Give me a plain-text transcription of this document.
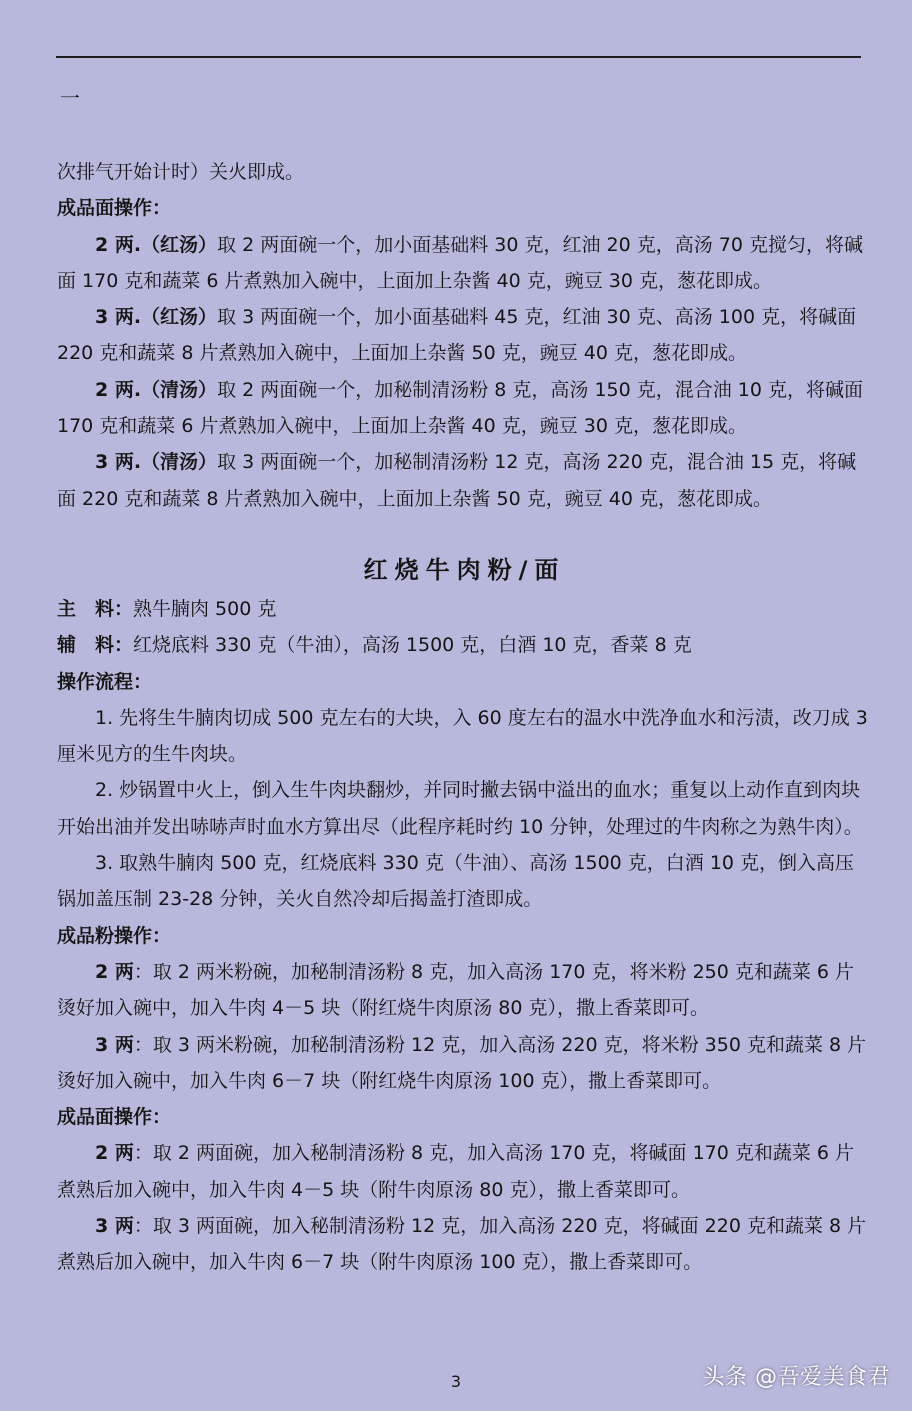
一

次排气开始计时）关火即成。

成品面操作：

2 两.（红汤）取 2 两面碗一个，加小面基础料 30 克，红油 20 克，高汤 70 克搅匀，将碱面 170 克和蔬菜 6 片煮熟加入碗中，上面加上杂酱 40 克，豌豆 30 克，葱花即成。

3 两.（红汤）取 3 两面碗一个，加小面基础料 45 克，红油 30 克、高汤 100 克，将碱面 220 克和蔬菜 8 片煮熟加入碗中，上面加上杂酱 50 克，豌豆 40 克，葱花即成。

2 两.（清汤）取 2 两面碗一个，加秘制清汤粉 8 克，高汤 150 克，混合油 10 克，将碱面 170 克和蔬菜 6 片煮熟加入碗中，上面加上杂酱 40 克，豌豆 30 克，葱花即成。

3 两.（清汤）取 3 两面碗一个，加秘制清汤粉 12 克，高汤 220 克，混合油 15 克，将碱面 220 克和蔬菜 8 片煮熟加入碗中，上面加上杂酱 50 克，豌豆 40 克，葱花即成。

红烧牛肉粉/面

主　料：熟牛腩肉 500 克

辅　料：红烧底料 330 克（牛油），高汤 1500 克，白酒 10 克，香菜 8 克

操作流程：

1. 先将生牛腩肉切成 500 克左右的大块，入 60 度左右的温水中洗净血水和污渍，改刀成 3 厘米见方的生牛肉块。

2. 炒锅置中火上，倒入生牛肉块翻炒，并同时撇去锅中溢出的血水；重复以上动作直到肉块开始出油并发出哧哧声时血水方算出尽（此程序耗时约 10 分钟，处理过的牛肉称之为熟牛肉）。

3. 取熟牛腩肉 500 克，红烧底料 330 克（牛油）、高汤 1500 克，白酒 10 克，倒入高压锅加盖压制 23-28 分钟，关火自然冷却后揭盖打渣即成。

成品粉操作：

2 两：取 2 两米粉碗，加秘制清汤粉 8 克，加入高汤 170 克，将米粉 250 克和蔬菜 6 片烫好加入碗中，加入牛肉 4－5 块（附红烧牛肉原汤 80 克），撒上香菜即可。

3 两：取 3 两米粉碗，加秘制清汤粉 12 克，加入高汤 220 克，将米粉 350 克和蔬菜 8 片烫好加入碗中，加入牛肉 6－7 块（附红烧牛肉原汤 100 克），撒上香菜即可。

成品面操作：

2 两：取 2 两面碗，加入秘制清汤粉 8 克，加入高汤 170 克，将碱面 170 克和蔬菜 6 片煮熟后加入碗中，加入牛肉 4－5 块（附牛肉原汤 80 克），撒上香菜即可。

3 两：取 3 两面碗，加入秘制清汤粉 12 克，加入高汤 220 克，将碱面 220 克和蔬菜 8 片煮熟后加入碗中，加入牛肉 6－7 块（附牛肉原汤 100 克），撒上香菜即可。

3	头条 @吾爱美食君
